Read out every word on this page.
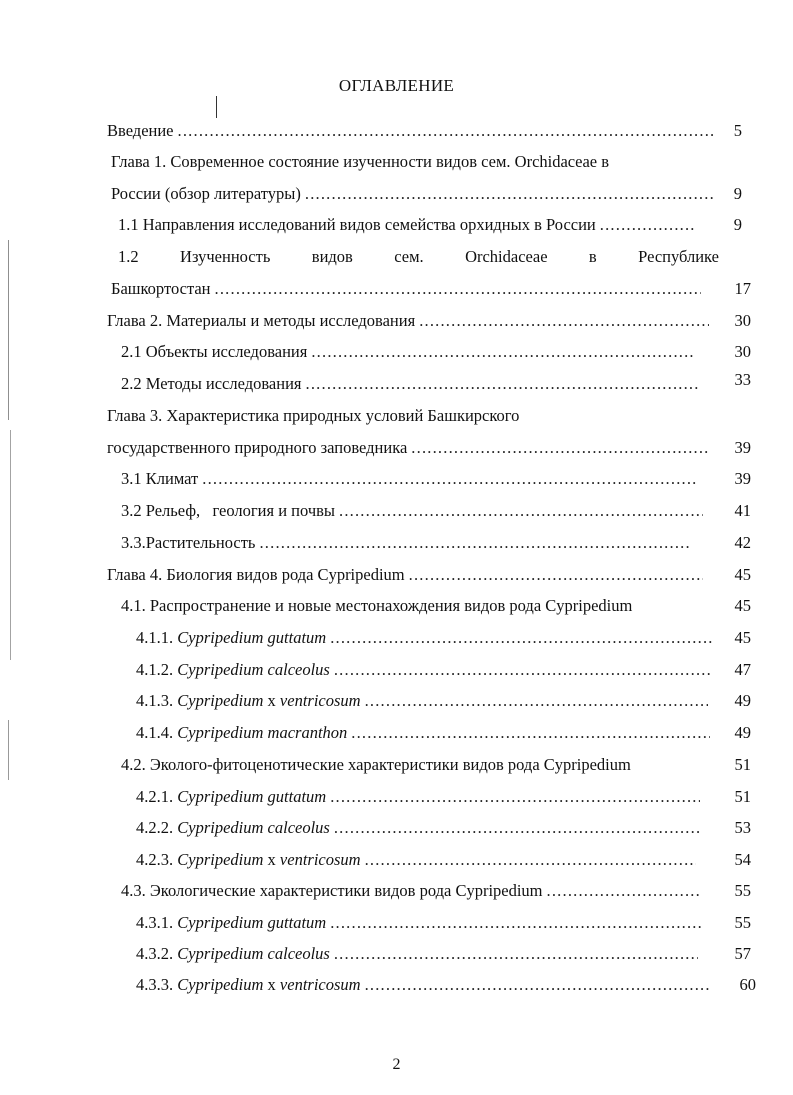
ОГЛАВЛЕНИЕ
Введение .....	5
Глава 1. Современное состояние изученности видов сем. Orchidaceae в
России (обзор литературы) .....	9
1.1 Направления исследований видов семейства орхидных в России .....	9
1.2	Изученность	видов	сем.	Orchidaceae	в	Республике
Башкортостан .....	17
Глава 2. Материалы и методы исследования .....	30
2.1 Объекты исследования .....	30
2.2 Методы исследования .....	33
Глава 3. Характеристика природных условий Башкирского
государственного природного заповедника .....	39
3.1 Климат .....	39
3.2 Рельеф,   геология и почвы .....	41
3.3.Растительность .....	42
Глава 4. Биология видов рода Cypripedium .....	45
4.1. Распространение и новые местонахождения видов рода Cypripedium	45
4.1.1. Cypripedium guttatum .....	45
4.1.2. Cypripedium calceolus .....	47
4.1.3. Cypripedium x ventricosum .....	49
4.1.4. Cypripedium macranthon .....	49
4.2. Эколого-фитоценотические характеристики видов рода Cypripedium	51
4.2.1. Cypripedium guttatum .....	51
4.2.2. Cypripedium calceolus .....	53
4.2.3. Cypripedium x ventricosum .....	54
4.3. Экологические характеристики видов рода Cypripedium .....	55
4.3.1. Cypripedium guttatum .....	55
4.3.2. Cypripedium calceolus .....	57
4.3.3. Cypripedium x ventricosum .....	60
2
